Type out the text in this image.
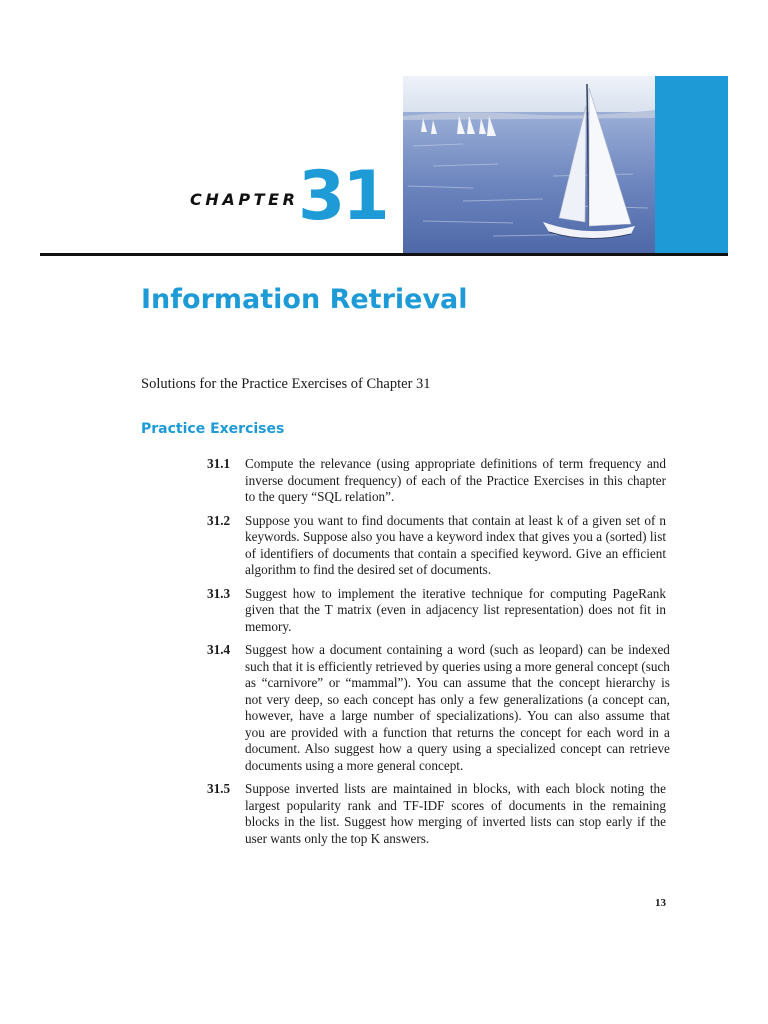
CHAPTER 31
Information Retrieval
Solutions for the Practice Exercises of Chapter 31
Practice Exercises
31.1	Compute the relevance (using appropriate definitions of term frequency and
inverse document frequency) of each of the Practice Exercises in this chapter
to the query “SQL relation”.
31.2	Suppose you want to find documents that contain at least k of a given set of n
keywords. Suppose also you have a keyword index that gives you a (sorted) list
of identifiers of documents that contain a specified keyword. Give an efficient
algorithm to find the desired set of documents.
31.3	Suggest how to implement the iterative technique for computing PageRank
given that the T matrix (even in adjacency list representation) does not fit in
memory.
31.4	Suggest how a document containing a word (such as leopard) can be indexed
such that it is efficiently retrieved by queries using a more general concept (such
as “carnivore” or “mammal”). You can assume that the concept hierarchy is
not very deep, so each concept has only a few generalizations (a concept can,
however, have a large number of specializations). You can also assume that
you are provided with a function that returns the concept for each word in a
document. Also suggest how a query using a specialized concept can retrieve
documents using a more general concept.
31.5	Suppose inverted lists are maintained in blocks, with each block noting the
largest popularity rank and TF-IDF scores of documents in the remaining
blocks in the list. Suggest how merging of inverted lists can stop early if the
user wants only the top K answers.
13
